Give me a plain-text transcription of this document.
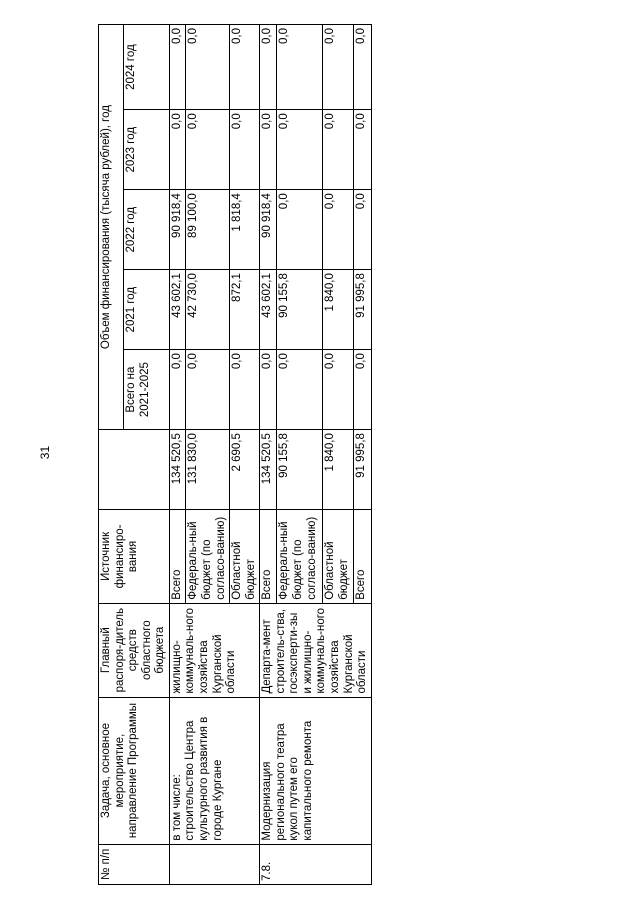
31
№ п/п	Задача, основное мероприятие, направление Программы	Главный распоря-дитель средств областного бюджета	Источник финансиро-вания		Объем финансирования (тысяча рублей), год				
					Всего на 2021-2025	2021 год	2022 год	2023 год	2024 год
	в том числе: строительство Центра культурного развития в городе Кургане	жилищно-коммуналь-ного хозяйства Курганской области	Всего	134 520,5	0,0	43 602,1	90 918,4	0,0	0,0
			Федераль-ный бюджет (по согласо-ванию)	131 830,0	0,0	42 730,0	89 100,0	0,0	0,0
			Областной бюджет	2 690,5	0,0	872,1	1 818,4	0,0	0,0
7.8.	Модернизация регионального театра кукол путем его капитального ремонта	Департа-мент строитель-ства, госэксперти-зы и жилищно-коммуналь-ного хозяйства Курганской области	Всего	134 520,5	0,0	43 602,1	90 918,4	0,0	0,0
			Федераль-ный бюджет (по согласо-ванию)	90 155,8	0,0	90 155,8	0,0	0,0	0,0
			Областной бюджет	1 840,0	0,0	1 840,0	0,0	0,0	0,0
			Всего	91 995,8	0,0	91 995,8	0,0	0,0	0,0
